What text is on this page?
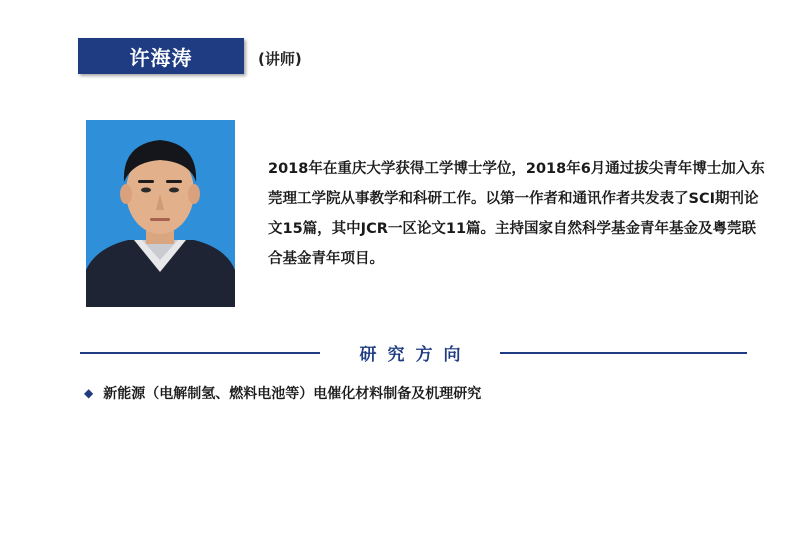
许海涛	(讲师)
2018年在重庆大学获得工学博士学位，2018年6月通过拔尖青年博士加入东莞理工学院从事教学和科研工作。以第一作者和通讯作者共发表了SCI期刊论文15篇，其中JCR一区论文11篇。主持国家自然科学基金青年基金及粤莞联合基金青年项目。
研究方向
◆ 新能源（电解制氢、燃料电池等）电催化材料制备及机理研究
